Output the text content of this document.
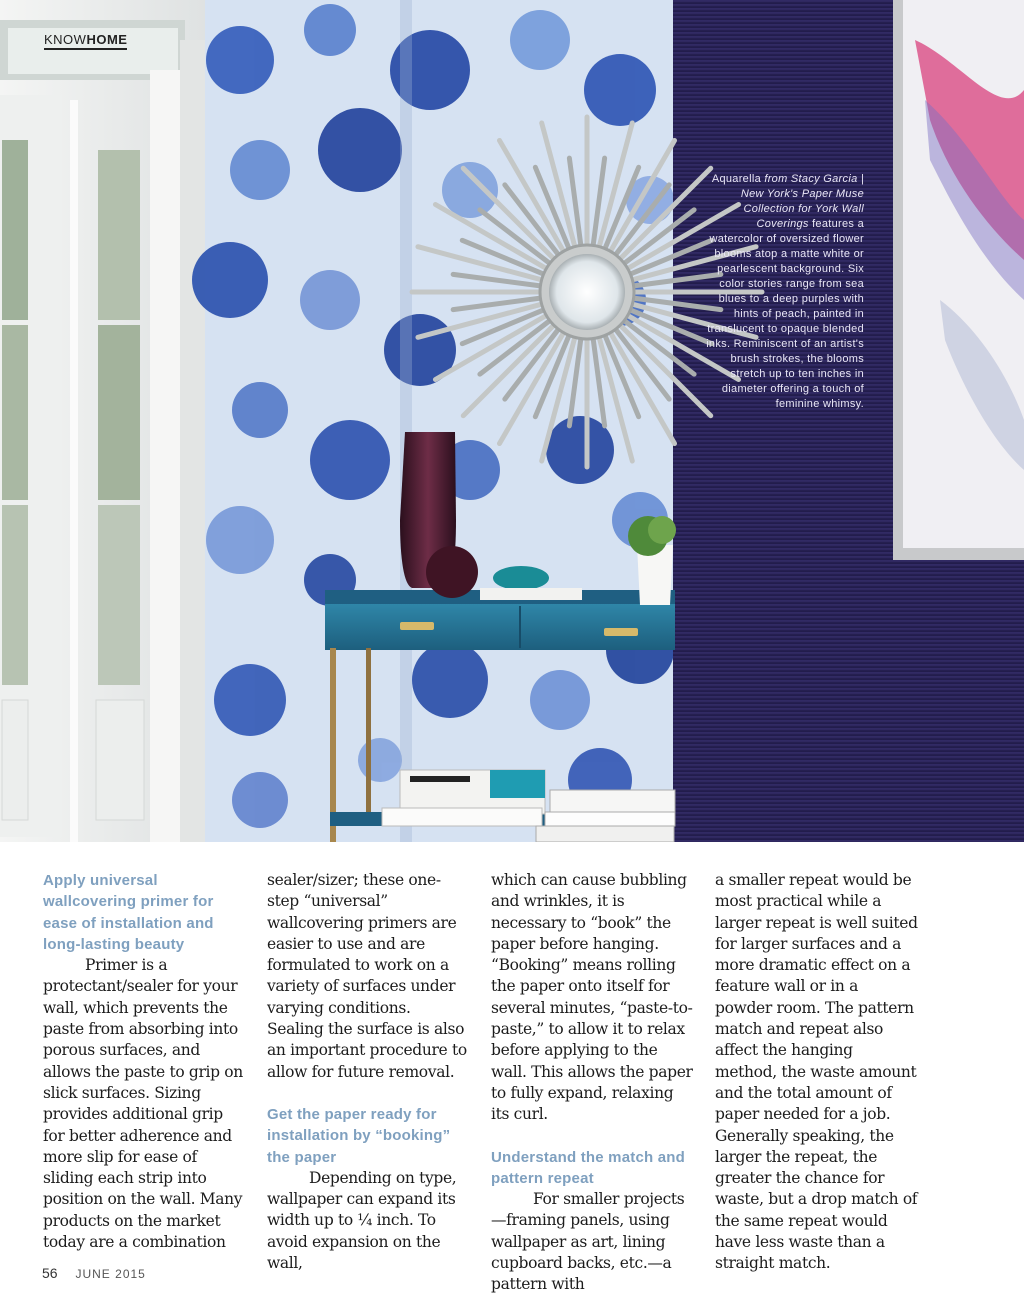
KNOWHOME
Aquarella from Stacy Garcia | New York's Paper Muse Collection for York Wall Coverings features a watercolor of oversized flower blooms atop a matte white or pearlescent background. Six color stories range from sea blues to a deep purples with hints of peach, painted in translucent to opaque blended inks. Reminiscent of an artist's brush strokes, the blooms stretch up to ten inches in diameter offering a touch of feminine whimsy.
Apply universal wallcovering primer for ease of installation and long-lasting beauty

Primer is a protectant/sealer for your wall, which prevents the paste from absorbing into porous surfaces, and allows the paste to grip on slick surfaces. Sizing provides additional grip for better adherence and more slip for ease of sliding each strip into position on the wall. Many products on the market today are a combination

sealer/sizer; these one-step “universal” wallcovering primers are easier to use and are formulated to work on a variety of surfaces under varying conditions. Sealing the surface is also an important procedure to allow for future removal.

Get the paper ready for installation by “booking” the paper

Depending on type, wallpaper can expand its width up to ¼ inch. To avoid expansion on the wall,

which can cause bubbling and wrinkles, it is necessary to “book” the paper before hanging. “Booking” means rolling the paper onto itself for several minutes, “paste-to-paste,” to allow it to relax before applying to the wall. This allows the paper to fully expand, relaxing its curl.

Understand the match and pattern repeat

For smaller projects—framing panels, using wallpaper as art, lining cupboard backs, etc.—a pattern with

a smaller repeat would be most practical while a larger repeat is well suited for larger surfaces and a more dramatic effect on a feature wall or in a powder room. The pattern match and repeat also affect the hanging method, the waste amount and the total amount of paper needed for a job. Generally speaking, the larger the repeat, the greater the chance for waste, but a drop match of the same repeat would have less waste than a straight match.

56 JUNE 2015
